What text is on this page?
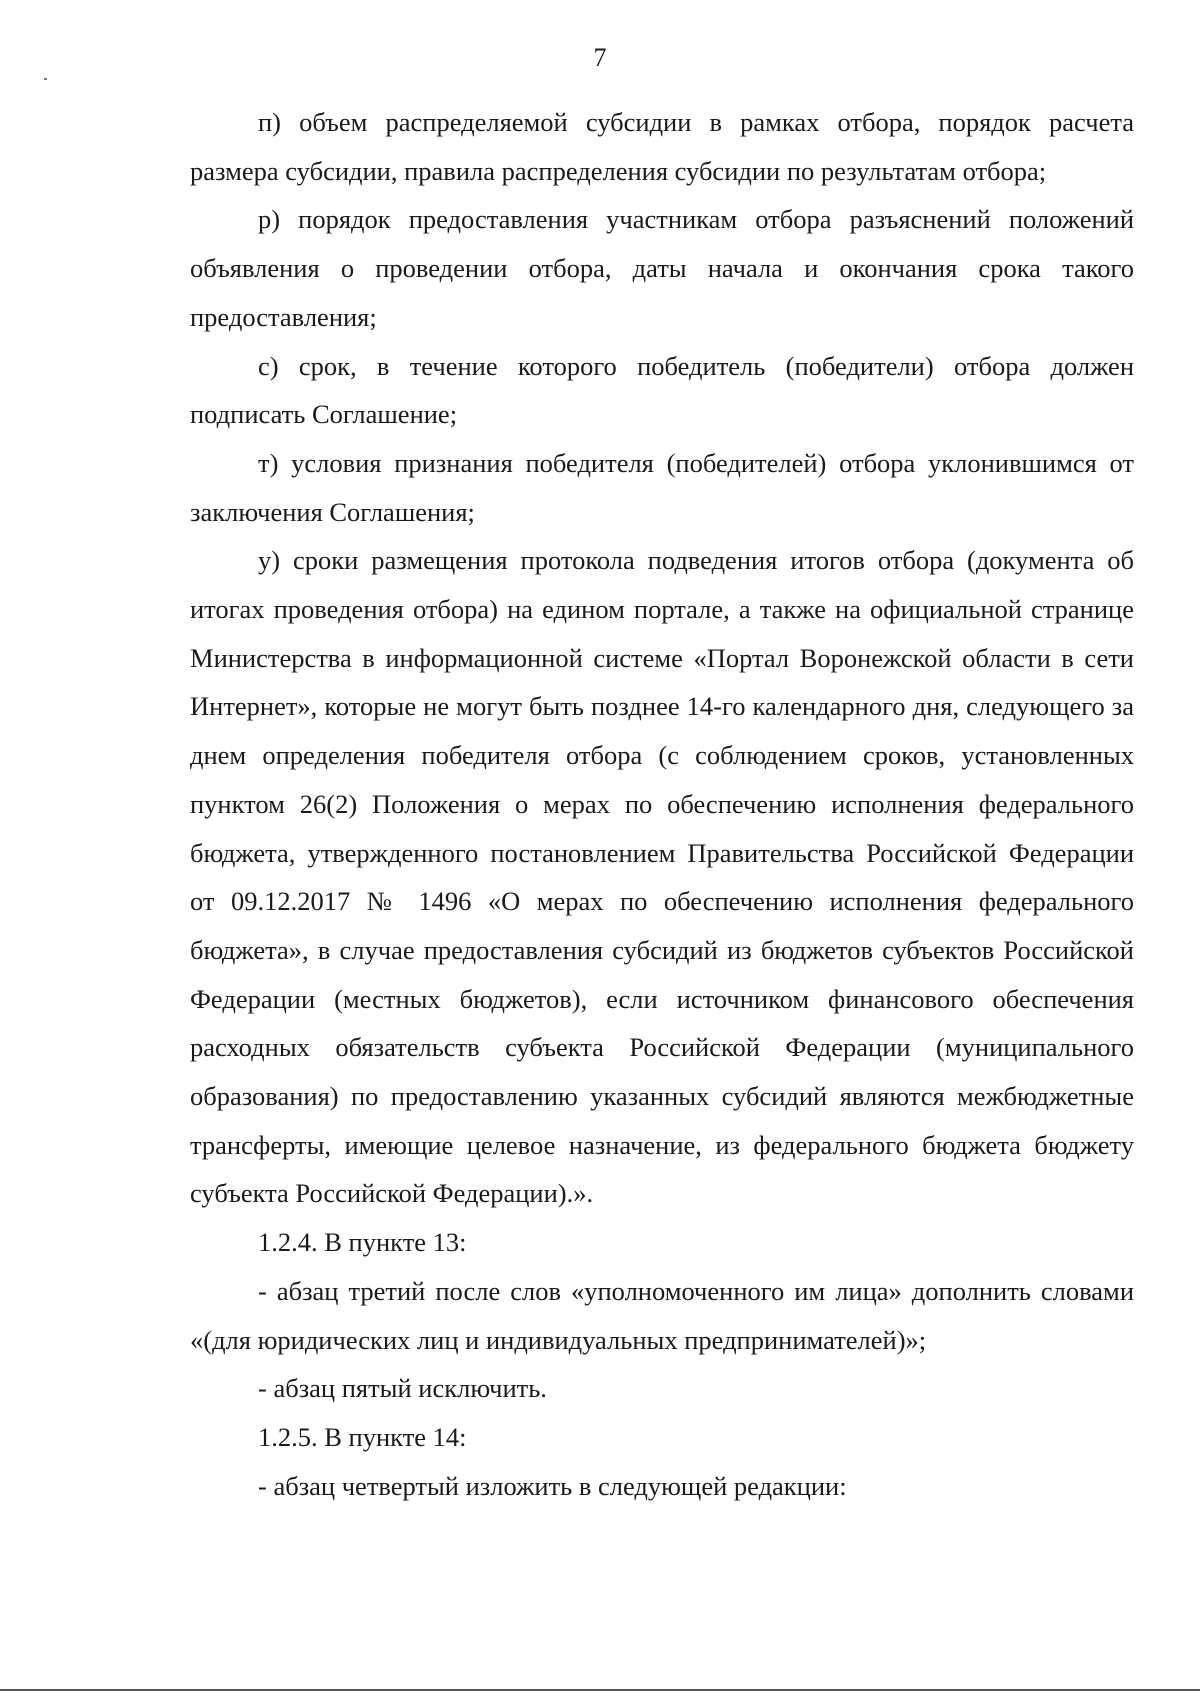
7

п) объем распределяемой субсидии в рамках отбора, порядок расчета размера субсидии, правила распределения субсидии по результатам отбора;

р) порядок предоставления участникам отбора разъяснений положений объявления о проведении отбора, даты начала и окончания срока такого предоставления;

с) срок, в течение которого победитель (победители) отбора должен подписать Соглашение;

т) условия признания победителя (победителей) отбора уклонившимся от заключения Соглашения;

у) сроки размещения протокола подведения итогов отбора (документа об итогах проведения отбора) на едином портале, а также на официальной странице Министерства в информационной системе «Портал Воронежской области в сети Интернет», которые не могут быть позднее 14-го календарного дня, следующего за днем определения победителя отбора (с соблюдением сроков, установленных пунктом 26(2) Положения о мерах по обеспечению исполнения федерального бюджета, утвержденного постановлением Правительства Российской Федерации от 09.12.2017 № 1496 «О мерах по обеспечению исполнения федерального бюджета», в случае предоставления субсидий из бюджетов субъектов Российской Федерации (местных бюджетов), если источником финансового обеспечения расходных обязательств субъекта Российской Федерации (муниципального образования) по предоставлению указанных субсидий являются межбюджетные трансферты, имеющие целевое назначение, из федерального бюджета бюджету субъекта Российской Федерации).».

1.2.4. В пункте 13:

- абзац третий после слов «уполномоченного им лица» дополнить словами «(для юридических лиц и индивидуальных предпринимателей)»;

- абзац пятый исключить.

1.2.5. В пункте 14:

- абзац четвертый изложить в следующей редакции:
